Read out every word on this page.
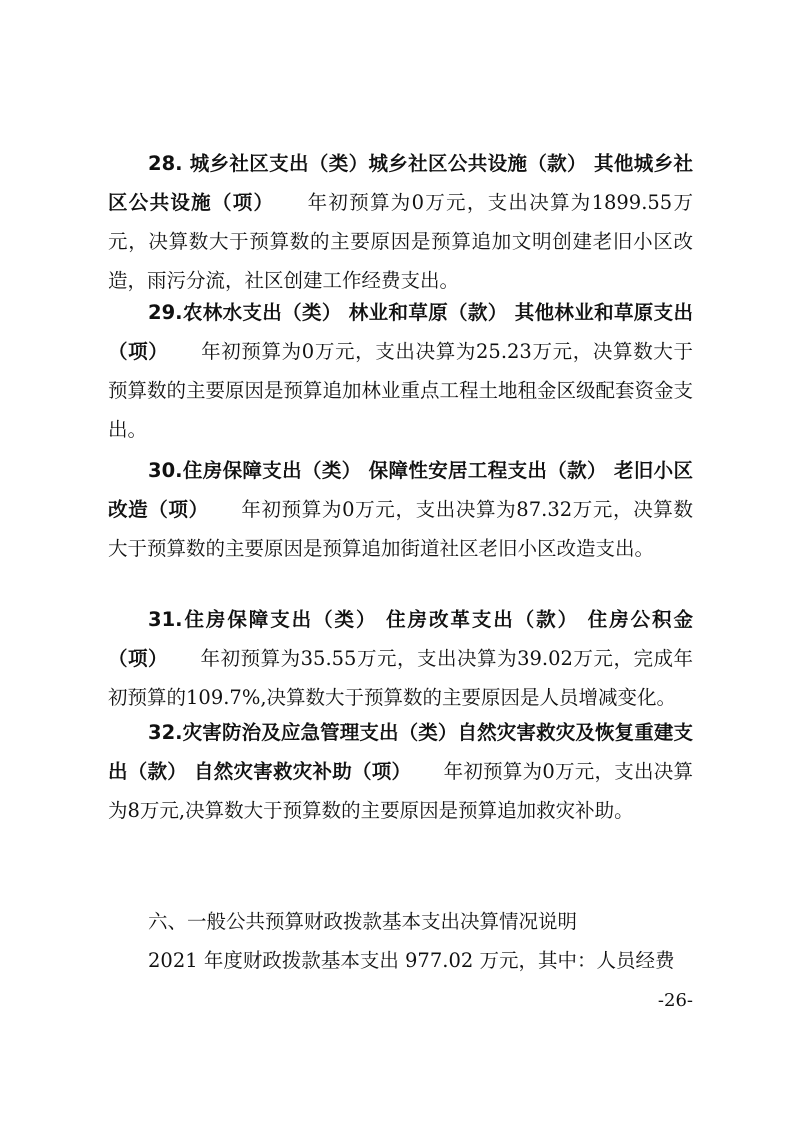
28. 城乡社区支出（类）城乡社区公共设施（款） 其他城乡社区公共设施（项） 年初预算为0万元，支出决算为1899.55万元，决算数大于预算数的主要原因是预算追加文明创建老旧小区改造，雨污分流，社区创建工作经费支出。

29.农林水支出（类） 林业和草原（款） 其他林业和草原支出（项） 年初预算为0万元，支出决算为25.23万元，决算数大于预算数的主要原因是预算追加林业重点工程土地租金区级配套资金支出。

30.住房保障支出（类） 保障性安居工程支出（款） 老旧小区改造（项） 年初预算为0万元，支出决算为87.32万元，决算数大于预算数的主要原因是预算追加街道社区老旧小区改造支出。

31.住房保障支出（类） 住房改革支出（款） 住房公积金（项） 年初预算为35.55万元，支出决算为39.02万元，完成年初预算的109.7%,决算数大于预算数的主要原因是人员增减变化。

32.灾害防治及应急管理支出（类）自然灾害救灾及恢复重建支出（款） 自然灾害救灾补助（项） 年初预算为0万元，支出决算为8万元,决算数大于预算数的主要原因是预算追加救灾补助。

六、一般公共预算财政拨款基本支出决算情况说明

2021 年度财政拨款基本支出 977.02 万元，其中：人员经费

-26-
